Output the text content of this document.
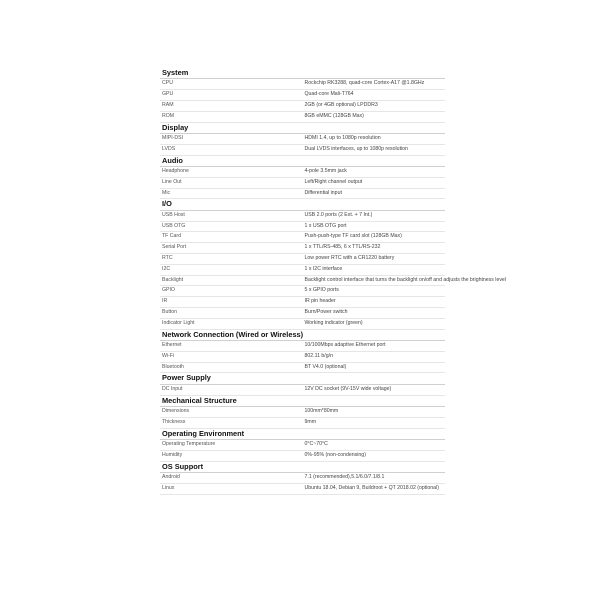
System	
CPU	Rockchip RK3288, quad-core Cortex-A17 @1.8GHz
GPU	Quad-core Mali-T764
RAM	2GB (or 4GB optional) LPDDR3
ROM	8GB eMMC (128GB Max)
Display	
MIPI-DSI	HDMI 1.4, up to 1080p resolution
LVDS	Dual LVDS interfaces, up to 1080p resolution
Audio	
Headphone	4-pole 3.5mm jack
Line Out	Left/Right channel output
Mic	Differential input
I/O	
USB Host	USB 2.0 ports (2 Ext. + 7 Int.)
USB OTG	1 x USB OTG port
TF Card	Push-push-type TF card slot (128GB Max)
Serial Port	1 x TTL/RS-485, 6 x TTL/RS-232
RTC	Low power RTC with a CR1220 battery
I2C	1 x I2C interface
Backlight	Backlight control interface that turns the backlight on/off and adjusts the brightness level
GPIO	5 x GPIO ports
IR	IR pin header
Button	Burn/Power switch
Indicator Light	Working indicator (green)
Network Connection (Wired or Wireless)	
Ethernet	10/100Mbps adaptive Ethernet port
Wi-Fi	802.11 b/g/n
Bluetooth	BT V4.0 (optional)
Power Supply	
DC Input	12V DC socket (9V-15V wide voltage)
Mechanical Structure	
Dimensions	100mm*80mm
Thickness	9mm
Operating Environment	
Operating Temperature	0°C~70°C
Humidity	0%-95% (non-condensing)
OS Support	
Android	7.1 (recommended),5.1/6.0/7.1/8.1
Linux	Ubuntu 18.04, Debian 9, Buildroot + QT 2018.02 (optional)
